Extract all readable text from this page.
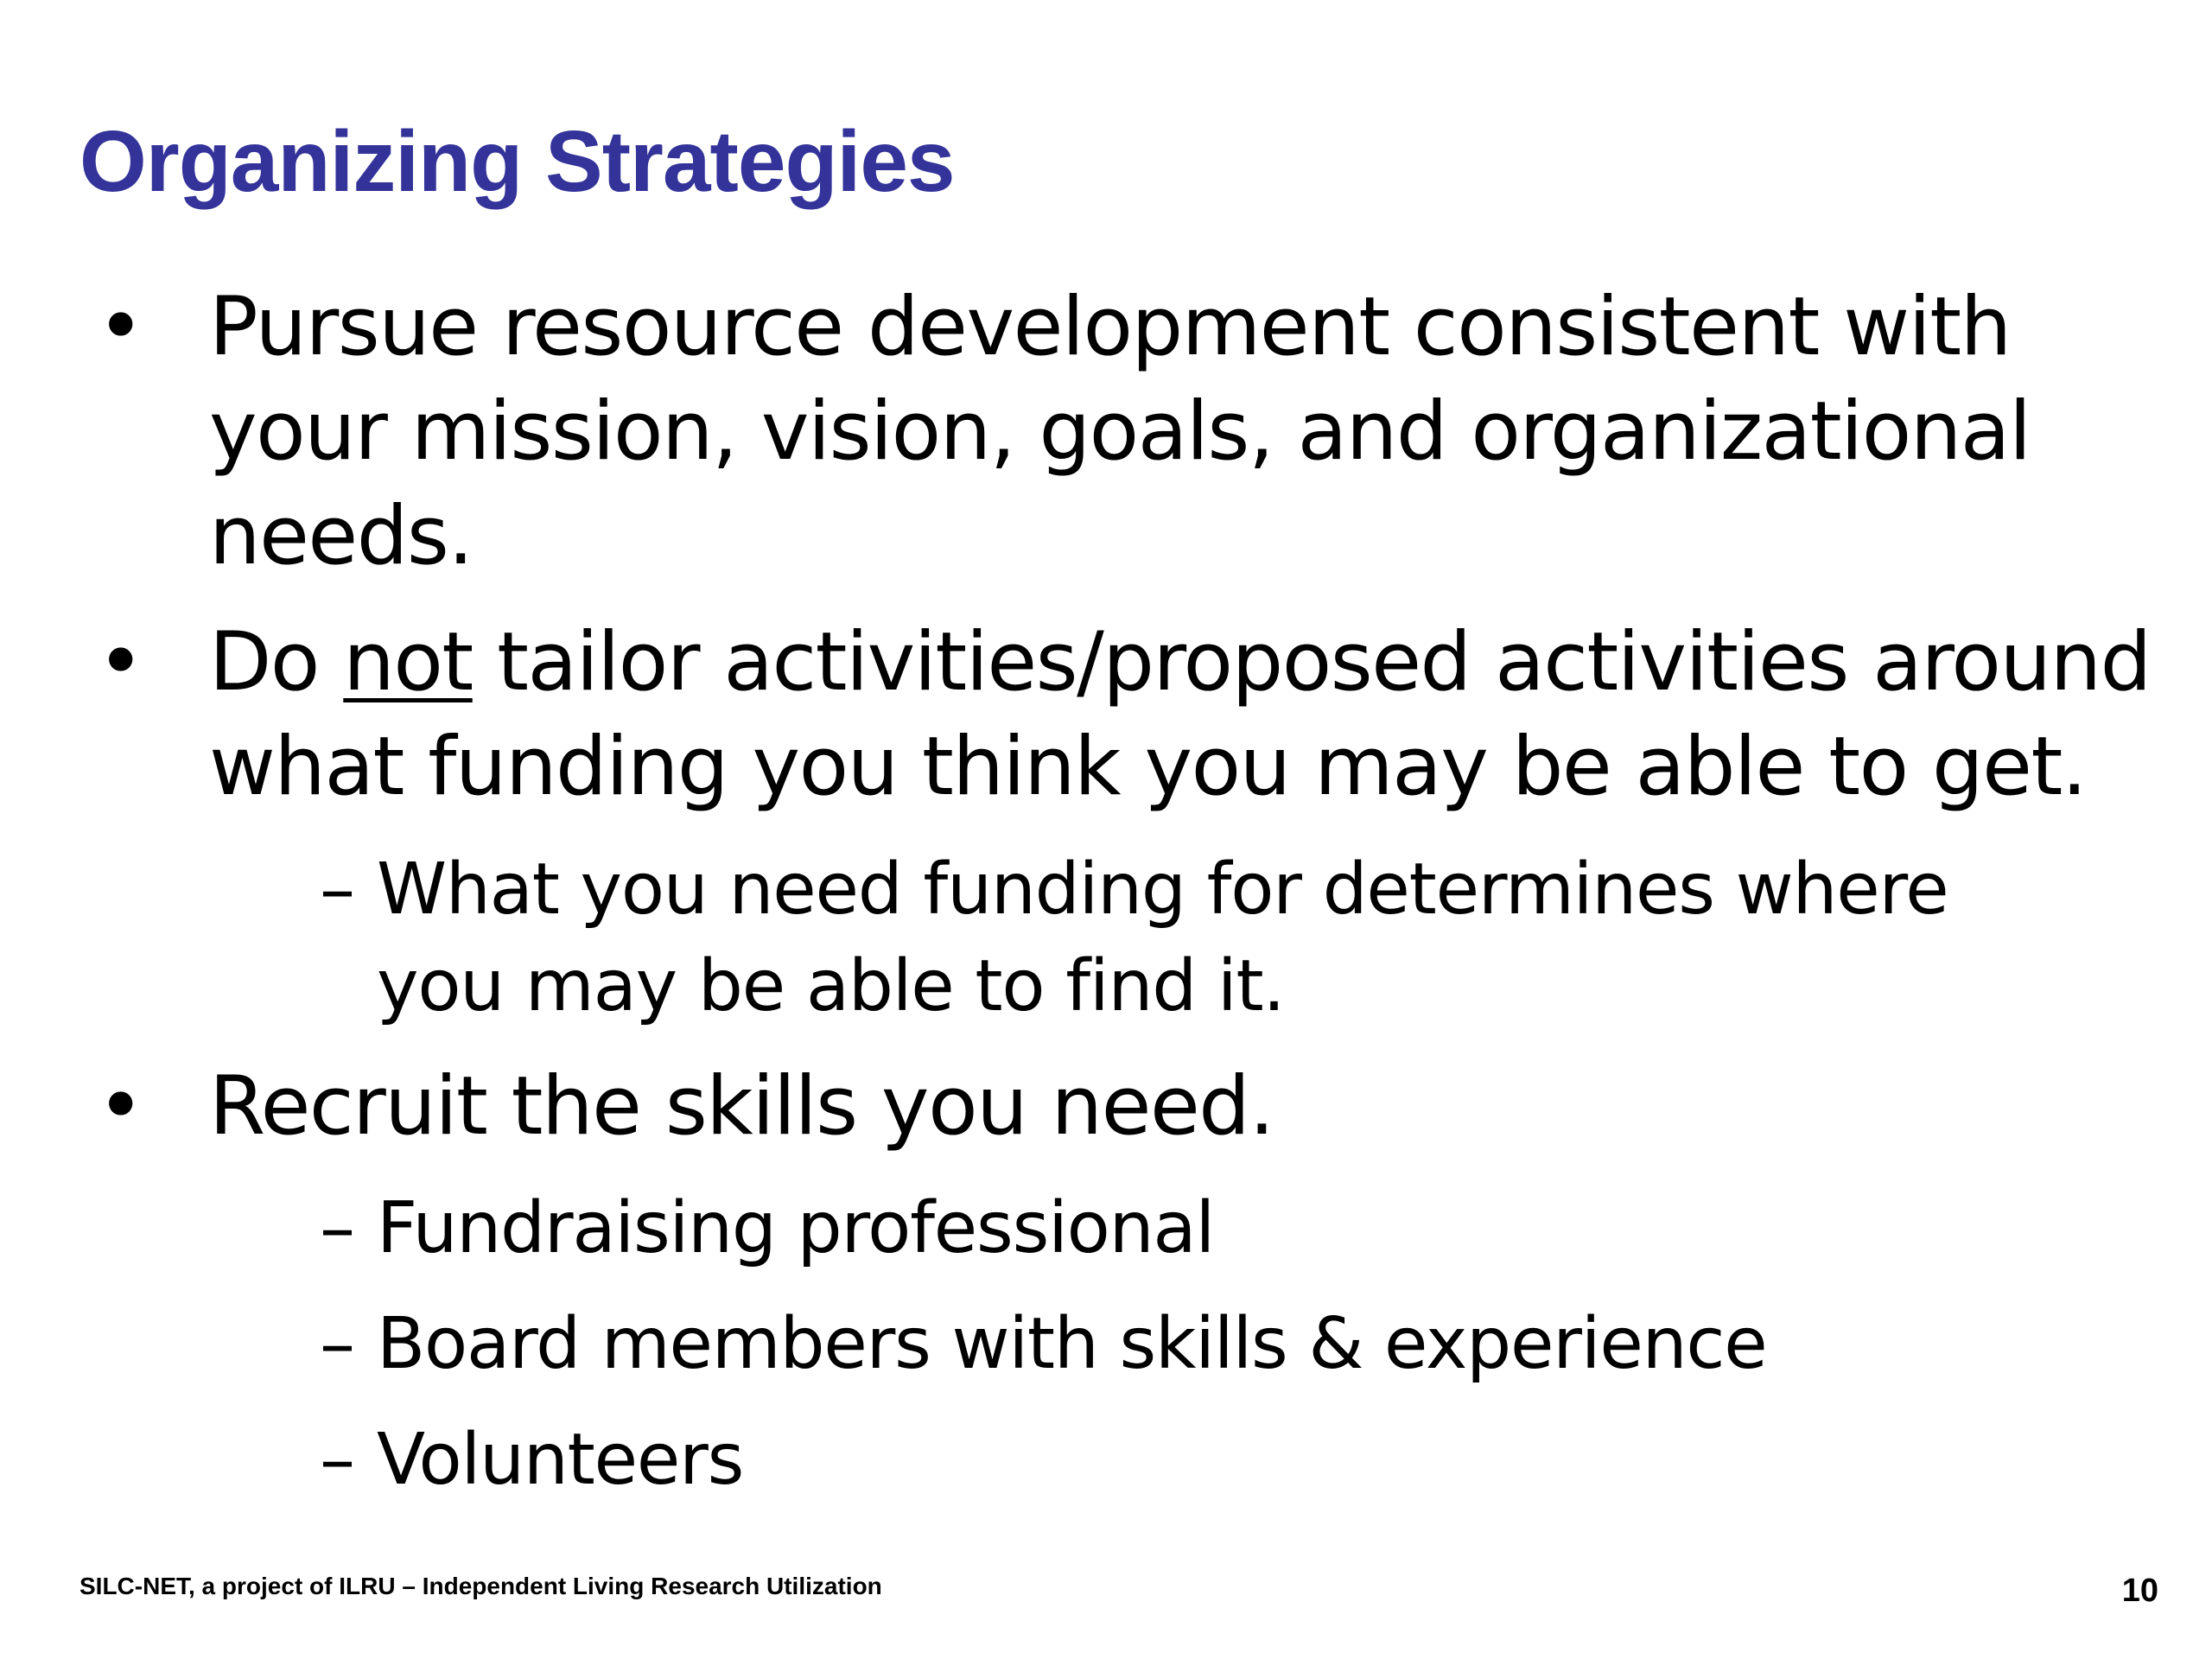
Organizing Strategies
• Pursue resource development consistent with
your mission, vision, goals, and organizational
needs.
• Do not tailor activities/proposed activities around
what funding you think you may be able to get.
– What you need funding for determines where
you may be able to find it.
• Recruit the skills you need.
– Fundraising professional
– Board members with skills & experience
– Volunteers
SILC-NET, a project of ILRU – Independent Living Research Utilization	10
